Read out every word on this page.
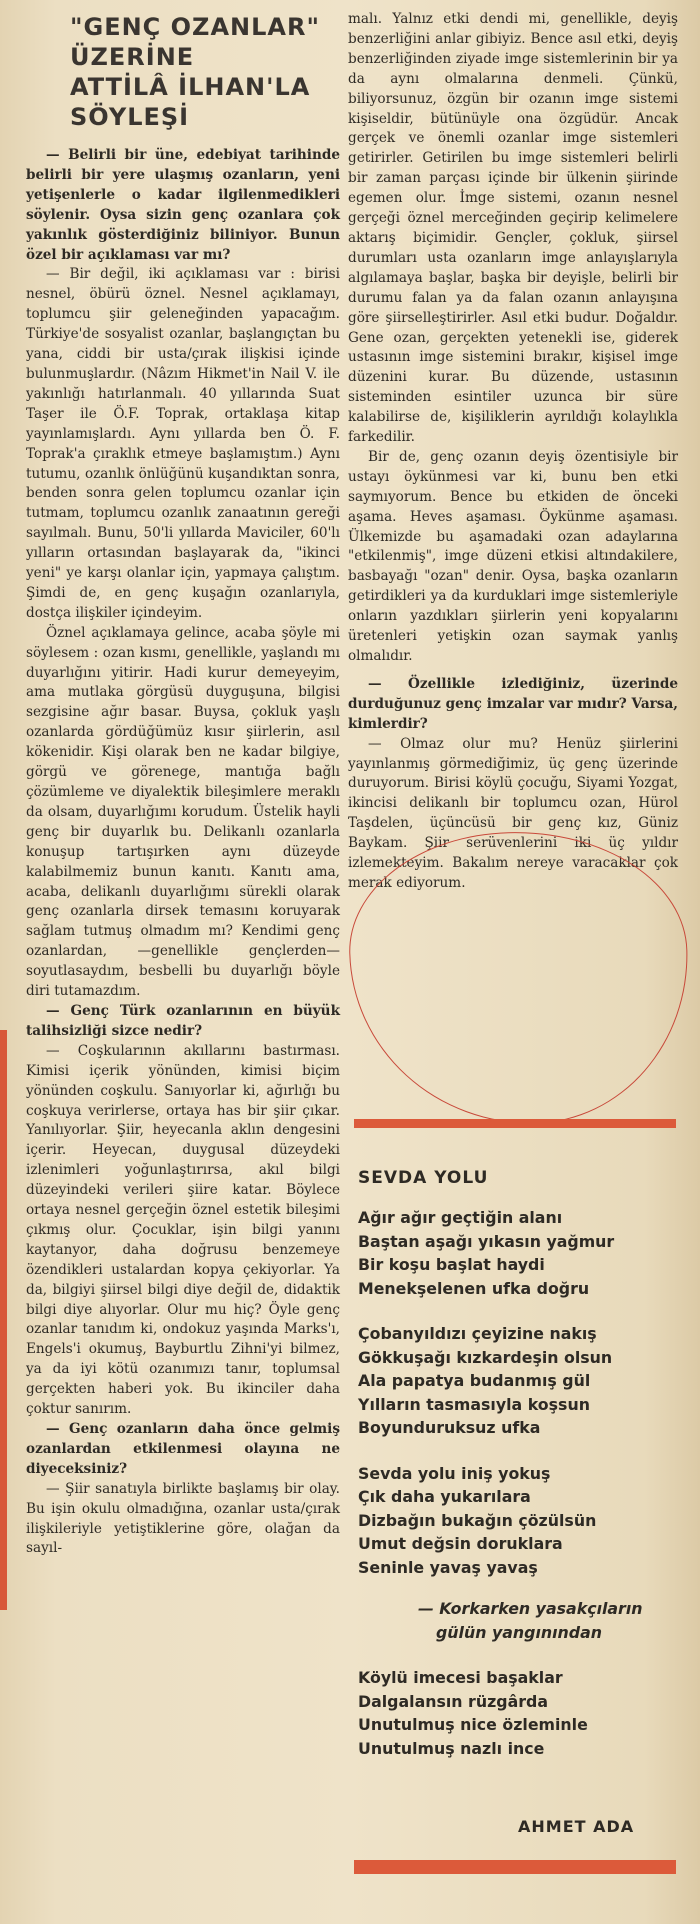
"GENÇ OZANLAR"
ÜZERİNE
ATTİLÂ İLHAN'LA
SÖYLEŞİ

— Belirli bir üne, edebiyat tarihinde belirli bir yere ulaşmış ozanların, yeni yetişenlerle o kadar ilgilenmediklerі söylenir. Oysa sizin genç ozanlara çok yakınlık gösterdiğiniz biliniyor. Bunun özel bir açıklaması var mı?

— Bir değil, iki açıklaması var : birisi nesnel, öbürü öznel. Nesnel açıklamayı, toplumcu şiir geleneğinden yapacağım. Türkiye'de sosyalist ozanlar, başlangıçtan bu yana, ciddi bir usta/çırak ilişkisi içinde bulunmuşlardır. (Nâzım Hikmet'in Nail V. ile yakınlığı hatırlanmalı. 40 yıllarında Suat Taşer ile Ö.F. Toprak, ortaklaşa kitap yayınlamışlardı. Aynı yıllarda ben Ö. F. Toprak'a çıraklık etmeye başlamıştım.) Aynı tutumu, ozanlık önlüğünü kuşandıktan sonra, benden sonra gelen toplumcu ozanlar için tutmam, toplumcu ozanlık zanaatının gereği sayılmalı. Bunu, 50'li yıllarda Maviciler, 60'lı yılların ortasından başlayarak da, "ikinci yeni" ye karşı olanlar için, yapmaya çalıştım. Şimdi de, en genç kuşağın ozanlarıyla, dostça ilişkiler içindeyim.

Öznel açıklamaya gelince, acaba şöyle mi söylesem : ozan kısmı, genellikle, yaşlandı mı duyarlığını yitirir. Hadi kurur demeyeyim, ama mutlaka görgüsü duyguşuna, bilgisi sezgisine ağır basar. Buysa, çokluk yaşlı ozanlarda gördüğümüz kısır şiirlerin, asıl kökenidir. Kişi olarak ben ne kadar bilgiye, görgü ve görenege, mantığa bağlı çözümleme ve diyalektik bileşimlere meraklı da olsam, duyarlığımı korudum. Üstelik hayli genç bir duyarlık bu. Delikanlı ozanlarla konuşup tartışırken aynı düzeyde kalabilmemiz bunun kanıtı. Kanıtı ama, acaba, delikanlı duyarlığımı sürekli olarak genç ozanlarla dirsek temasını koruyarak sağlam tutmuş olmadım mı? Kendimi genç ozanlardan, —genellikle gençlerden— soyutlasaydım, besbelli bu duyarlığı böyle diri tutamazdım.

— Genç Türk ozanlarının en büyük talihsizliği sizce nedir?

— Coşkularının akıllarını bastırması. Kimisi içerik yönünden, kimisi biçim yönünden coşkulu. Sanıyorlar ki, ağırlığı bu coşkuya verirlerse, ortaya has bir şiir çıkar. Yanılıyorlar. Şiir, heyecanla aklın dengesini içerir. Heyecan, duygusal düzeydeki izlenimleri yoğunlaştırırsa, akıl bilgi düzeyindeki verileri şiire katar. Böylece ortaya nesnel gerçeğin öznel estetik bileşimi çıkmış olur. Çocuklar, işin bilgi yanını kaytanyor, daha doğrusu benzemeye özendikleri ustalardan kopya çekiyorlar. Ya da, bilgiyi şiirsel bilgi diye değil de, didaktik bilgi diye alıyorlar. Olur mu hiç? Öyle genç ozanlar tanıdım ki, ondokuz yaşında Marks'ı, Engels'i okumuş, Bayburtlu Zihni'yi bilmez, ya da iyi kötü ozanımızı tanır, toplumsal gerçekten haberi yok. Bu ikinciler daha çoktur sanırım.

— Genç ozanların daha önce gelmiş ozanlardan etkilenmesi olayına ne diyeceksiniz?

— Şiir sanatıyla birlikte başlamış bir olay. Bu işin okulu olmadığına, ozanlar usta/çırak ilişkileriyle yetiştiklerine göre, olağan da sayıl-

malı. Yalnız etki dendi mi, genellikle, deyiş benzerliğini anlar gibiyiz. Bence asıl etki, deyiş benzerliğinden ziyade imge sistemlerinin bir ya da aynı olmalarına denmeli. Çünkü, biliyorsunuz, özgün bir ozanın imge sistemi kişiseldir, bütünüyle ona özgüdür. Ancak gerçek ve önemli ozanlar imge sistemleri getirirler. Getirilen bu imge sistemleri belirli bir zaman parçası içinde bir ülkenin şiirinde egemen olur. İmge sistemi, ozanın nesnel gerçeği öznel merceğinden geçirip kelimelere aktarış biçimidir. Gençler, çokluk, şiirsel durumları usta ozanların imge anlayışlarıyla algılamaya başlar, başka bir deyişle, belirli bir durumu falan ya da falan ozanın anlayışına göre şiirselleştirirler. Asıl etki budur. Doğaldır. Gene ozan, gerçekten yetenekli ise, giderek ustasının imge sistemini bırakır, kişisel imge düzenini kurar. Bu düzende, ustasının sisteminden esintiler uzunca bir süre kalabilirse de, kişiliklerin ayrıldığı kolaylıkla farkedilir.

Bir de, genç ozanın deyiş özentisiyle bir ustayı öykünmesi var ki, bunu ben etki saymıyorum. Bence bu etkiden de önceki aşama. Heves aşaması. Öykünme aşaması. Ülkemizde bu aşamadaki ozan adaylarına "etkilenmiş", imge düzeni etkisi altındakilere, basbayağı "ozan" denir. Oysa, başka ozanların getirdikleri ya da kurduklari imge sistemleriyle onların yazdıkları şiirlerin yeni kopyalarını üretenleri yetişkin ozan saymak yanlış olmalıdır.

— Özellikle izlediğiniz, üzerinde durduğunuz genç imzalar var mıdır? Varsa, kimlerdir?

— Olmaz olur mu? Henüz şiirlerini yayınlanmış görmediğimiz, üç genç üzerinde duruyorum. Birisi köylü çocuğu, Siyami Yozgat, ikincisi delikanlı bir toplumcu ozan, Hürol Taşdelen, üçüncüsü bir genç kız, Güniz Baykam. Şiir serüvenlerini iki üç yıldır izlemekteyim. Bakalım nereye varacaklar çok merak ediyorum.

SEVDA YOLU

Ağır ağır geçtiğin alanı
Baştan aşağı yıkasın yağmur
Bir koşu başlat haydi
Menekşelenen ufka doğru

Çobanyıldızı çeyizine nakış
Gökkuşağı kızkardeşin olsun
Ala papatya budanmış gül
Yılların tasmasıyla koşsun
Boyunduruksuz ufka

Sevda yolu iniş yokuş
Çık daha yukarılara
Dizbağın bukağın çözülsün
Umut değsin doruklara
Seninle yavaş yavaş

— Korkarken yasakçıların
gülün yangınından

Köylü imecesi başaklar
Dalgalansın rüzgârda
Unutulmuş nice özleminle
Unutulmuş nazlı ince

AHMET ADA
